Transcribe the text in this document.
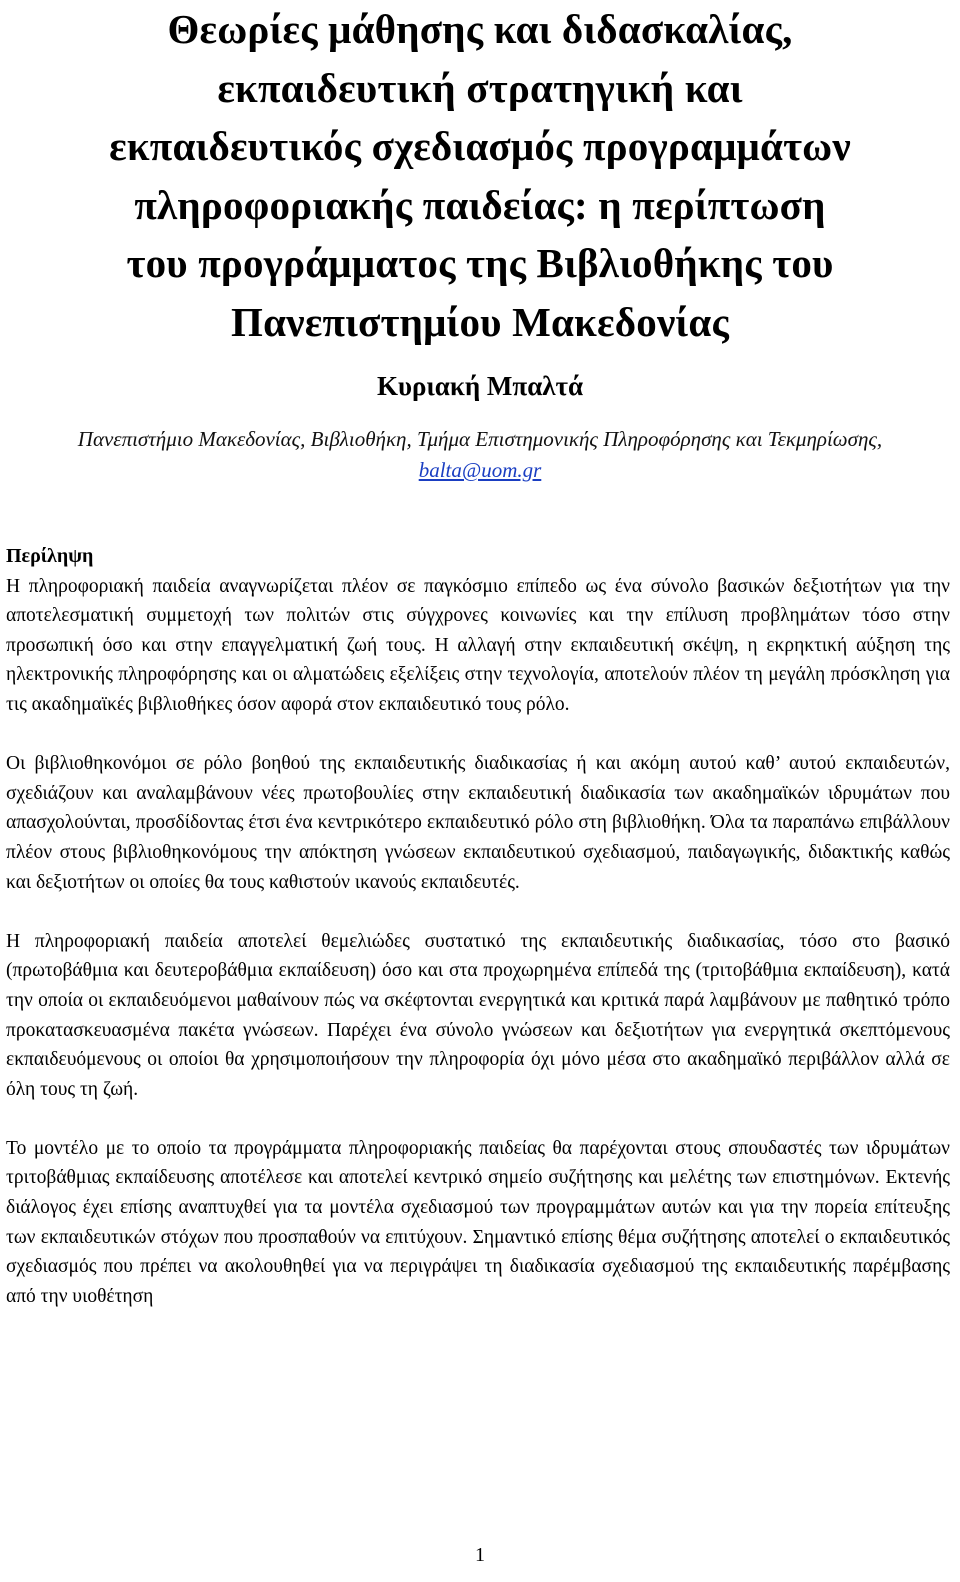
Θεωρίες μάθησης και διδασκαλίας,
εκπαιδευτική στρατηγική και
εκπαιδευτικός σχεδιασμός προγραμμάτων
πληροφοριακής παιδείας: η περίπτωση
του προγράμματος της Βιβλιοθήκης του
Πανεπιστημίου Μακεδονίας
Κυριακή Μπαλτά
Πανεπιστήμιο Μακεδονίας, Βιβλιοθήκη, Τμήμα Επιστημονικής Πληροφόρησης και Τεκμηρίωσης, balta@uom.gr
Περίληψη

Η πληροφοριακή παιδεία αναγνωρίζεται πλέον σε παγκόσμιο επίπεδο ως ένα σύνολο βασικών δεξιοτήτων για την αποτελεσματική συμμετοχή των πολιτών στις σύγχρονες κοινωνίες και την επίλυση προβλημάτων τόσο στην προσωπική όσο και στην επαγγελματική ζωή τους. Η αλλαγή στην εκπαιδευτική σκέψη, η εκρηκτική αύξηση της ηλεκτρονικής πληροφόρησης και οι αλματώδεις εξελίξεις στην τεχνολογία, αποτελούν πλέον τη μεγάλη πρόσκληση για τις ακαδημαϊκές βιβλιοθήκες όσον αφορά στον εκπαιδευτικό τους ρόλο.

Οι βιβλιοθηκονόμοι σε ρόλο βοηθού της εκπαιδευτικής διαδικασίας ή και ακόμη αυτού καθ’ αυτού εκπαιδευτών, σχεδιάζουν και αναλαμβάνουν νέες πρωτοβουλίες στην εκπαιδευτική διαδικασία των ακαδημαϊκών ιδρυμάτων που απασχολούνται, προσδίδοντας έτσι ένα κεντρικότερο εκπαιδευτικό ρόλο στη βιβλιοθήκη. Όλα τα παραπάνω επιβάλλουν πλέον στους βιβλιοθηκονόμους την απόκτηση γνώσεων εκπαιδευτικού σχεδιασμού, παιδαγωγικής, διδακτικής καθώς και δεξιοτήτων οι οποίες θα τους καθιστούν ικανούς εκπαιδευτές.

Η πληροφοριακή παιδεία αποτελεί θεμελιώδες συστατικό της εκπαιδευτικής διαδικασίας, τόσο στο βασικό (πρωτοβάθμια και δευτεροβάθμια εκπαίδευση) όσο και στα προχωρημένα επίπεδά της (τριτοβάθμια εκπαίδευση), κατά την οποία οι εκπαιδευόμενοι μαθαίνουν πώς να σκέφτονται ενεργητικά και κριτικά παρά λαμβάνουν με παθητικό τρόπο προκατασκευασμένα πακέτα γνώσεων. Παρέχει ένα σύνολο γνώσεων και δεξιοτήτων για ενεργητικά σκεπτόμενους εκπαιδευόμενους οι οποίοι θα χρησιμοποιήσουν την πληροφορία όχι μόνο μέσα στο ακαδημαϊκό περιβάλλον αλλά σε όλη τους τη ζωή.

Το μοντέλο με το οποίο τα προγράμματα πληροφοριακής παιδείας θα παρέχονται στους σπουδαστές των ιδρυμάτων τριτοβάθμιας εκπαίδευσης αποτέλεσε και αποτελεί κεντρικό σημείο συζήτησης και μελέτης των επιστημόνων. Εκτενής διάλογος έχει επίσης αναπτυχθεί για τα μοντέλα σχεδιασμού των προγραμμάτων αυτών και για την πορεία επίτευξης των εκπαιδευτικών στόχων που προσπαθούν να επιτύχουν. Σημαντικό επίσης θέμα συζήτησης αποτελεί ο εκπαιδευτικός σχεδιασμός που πρέπει να ακολουθηθεί για να περιγράψει τη διαδικασία σχεδιασμού της εκπαιδευτικής παρέμβασης από την υιοθέτηση

1
